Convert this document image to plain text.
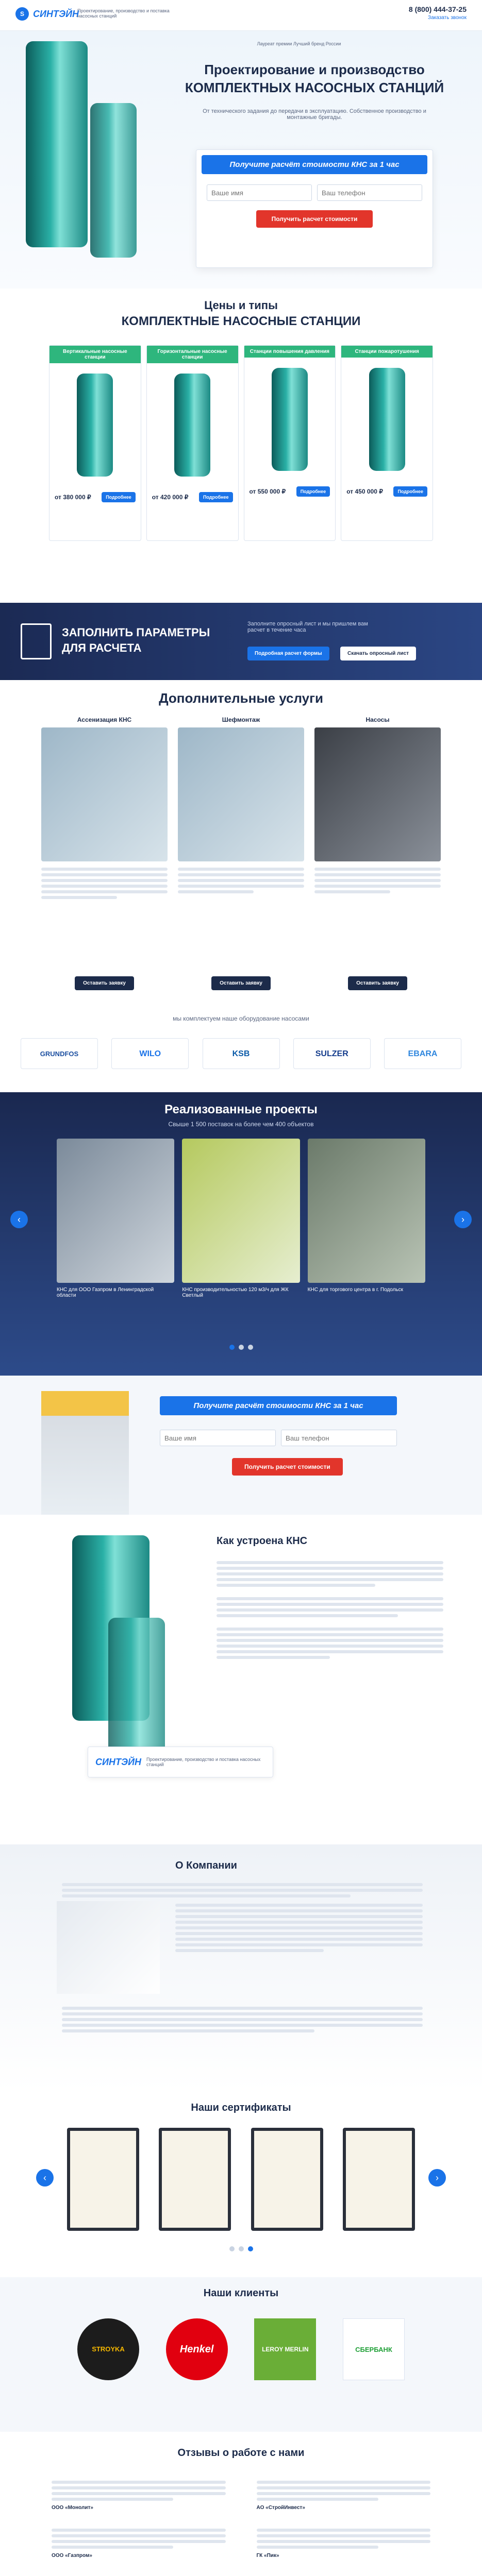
S СИНТЭЙН
Проектирование, производство и поставка насосных станций
8 (800) 444-37-25
Заказать звонок
Лауреат премии Лучший бренд России
Проектирование и производство
КОМПЛЕКТНЫХ НАСОСНЫХ СТАНЦИЙ
От технического задания до передачи в эксплуатацию. Собственное производство и монтажные бригады.
Получите расчёт стоимости КНС за 1 час
Ваше имя
Ваш телефон
Получить расчет стоимости
Цены и типы
КОМПЛЕКТНЫЕ НАСОСНЫЕ СТАНЦИИ
Вертикальные насосные станции
от 380 000 ₽	Подробнее
Горизонтальные насосные станции
от 420 000 ₽	Подробнее
Станции повышения давления
от 550 000 ₽	Подробнее
Станции пожаротушения
от 450 000 ₽	Подробнее
ЗАПОЛНИТЬ ПАРАМЕТРЫ
ДЛЯ РАСЧЕТА
Заполните опросный лист и мы пришлем вам расчет в течение часа
Подробная расчет формы	Скачать опросный лист
Дополнительные услуги
Ассенизация КНС
Оставить заявку
Шефмонтаж
Оставить заявку
Насосы
Оставить заявку
мы комплектуем наше оборудование насосами
GRUNDFOS	WILO	KSB	SULZER	EBARA
Реализованные проекты
Свыше 1 500 поставок на более чем 400 объектов
‹	›
КНС для ООО Газпром в Ленинградской области
КНС производительностью 120 м3/ч для ЖК Светлый
КНС для торгового центра в г. Подольск
Получите расчёт стоимости КНС за 1 час
Ваше имя
Ваш телефон
Получить расчет стоимости
Как устроена КНС
СИНТЭЙН Проектирование, производство и поставка насосных станций
О Компании
Наши сертификаты
‹	›
Наши клиенты
STROYKA	Henkel	LEROY MERLIN	СБЕРБАНК
Отзывы о работе с нами
ООО «Монолит»	АО «СтройИнвест»
ООО «Газпром»	ГК «Пик»
